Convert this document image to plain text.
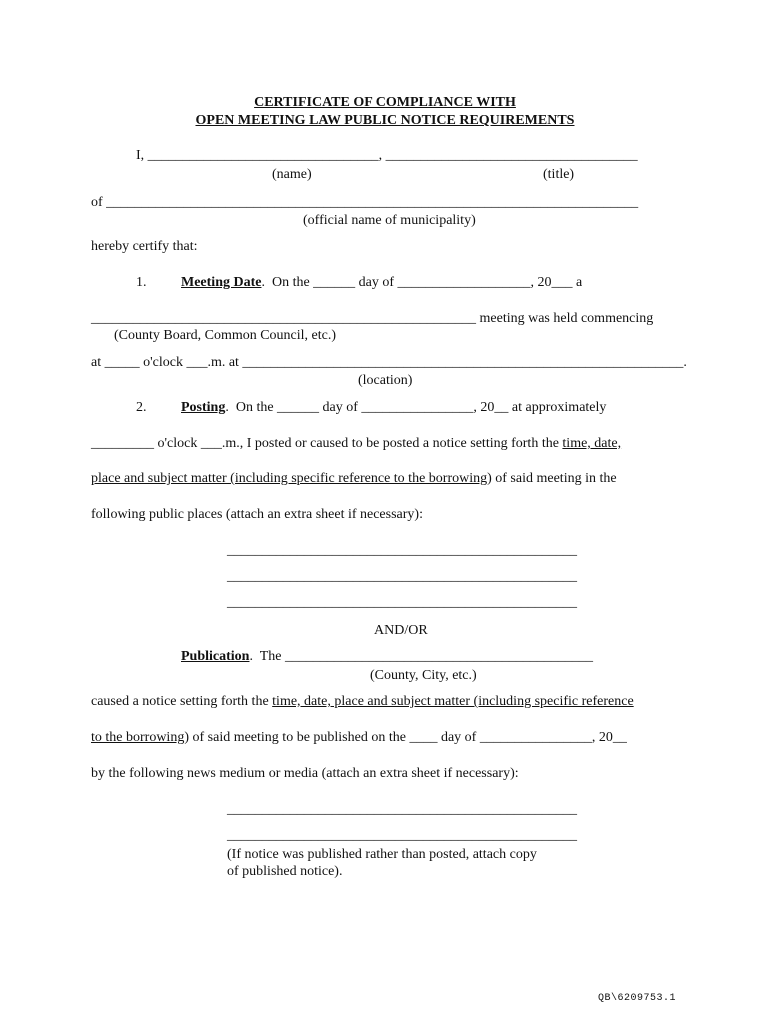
CERTIFICATE OF COMPLIANCE WITH
OPEN MEETING LAW PUBLIC NOTICE REQUIREMENTS
I, _________________________________, ____________________________________
(name)	(title)
of ____________________________________________________________________________
(official name of municipality)
hereby certify that:
1. Meeting Date.  On the ______ day of ___________________, 20___ a
_______________________________________________________ meeting was held commencing
(County Board, Common Council, etc.)
at _____ o'clock ___.m. at _______________________________________________________________.
(location)
2. Posting.  On the ______ day of ________________, 20__ at approximately
_________ o'clock ___.m., I posted or caused to be posted a notice setting forth the time, date,
place and subject matter (including specific reference to the borrowing) of said meeting in the
following public places (attach an extra sheet if necessary):
__________________________________________________
__________________________________________________
__________________________________________________
AND/OR
Publication.  The ____________________________________________
(County, City, etc.)
caused a notice setting forth the time, date, place and subject matter (including specific reference
to the borrowing) of said meeting to be published on the ____ day of ________________, 20__
by the following news medium or media (attach an extra sheet if necessary):
__________________________________________________
__________________________________________________
(If notice was published rather than posted, attach copy
of published notice).
QB\6209753.1
